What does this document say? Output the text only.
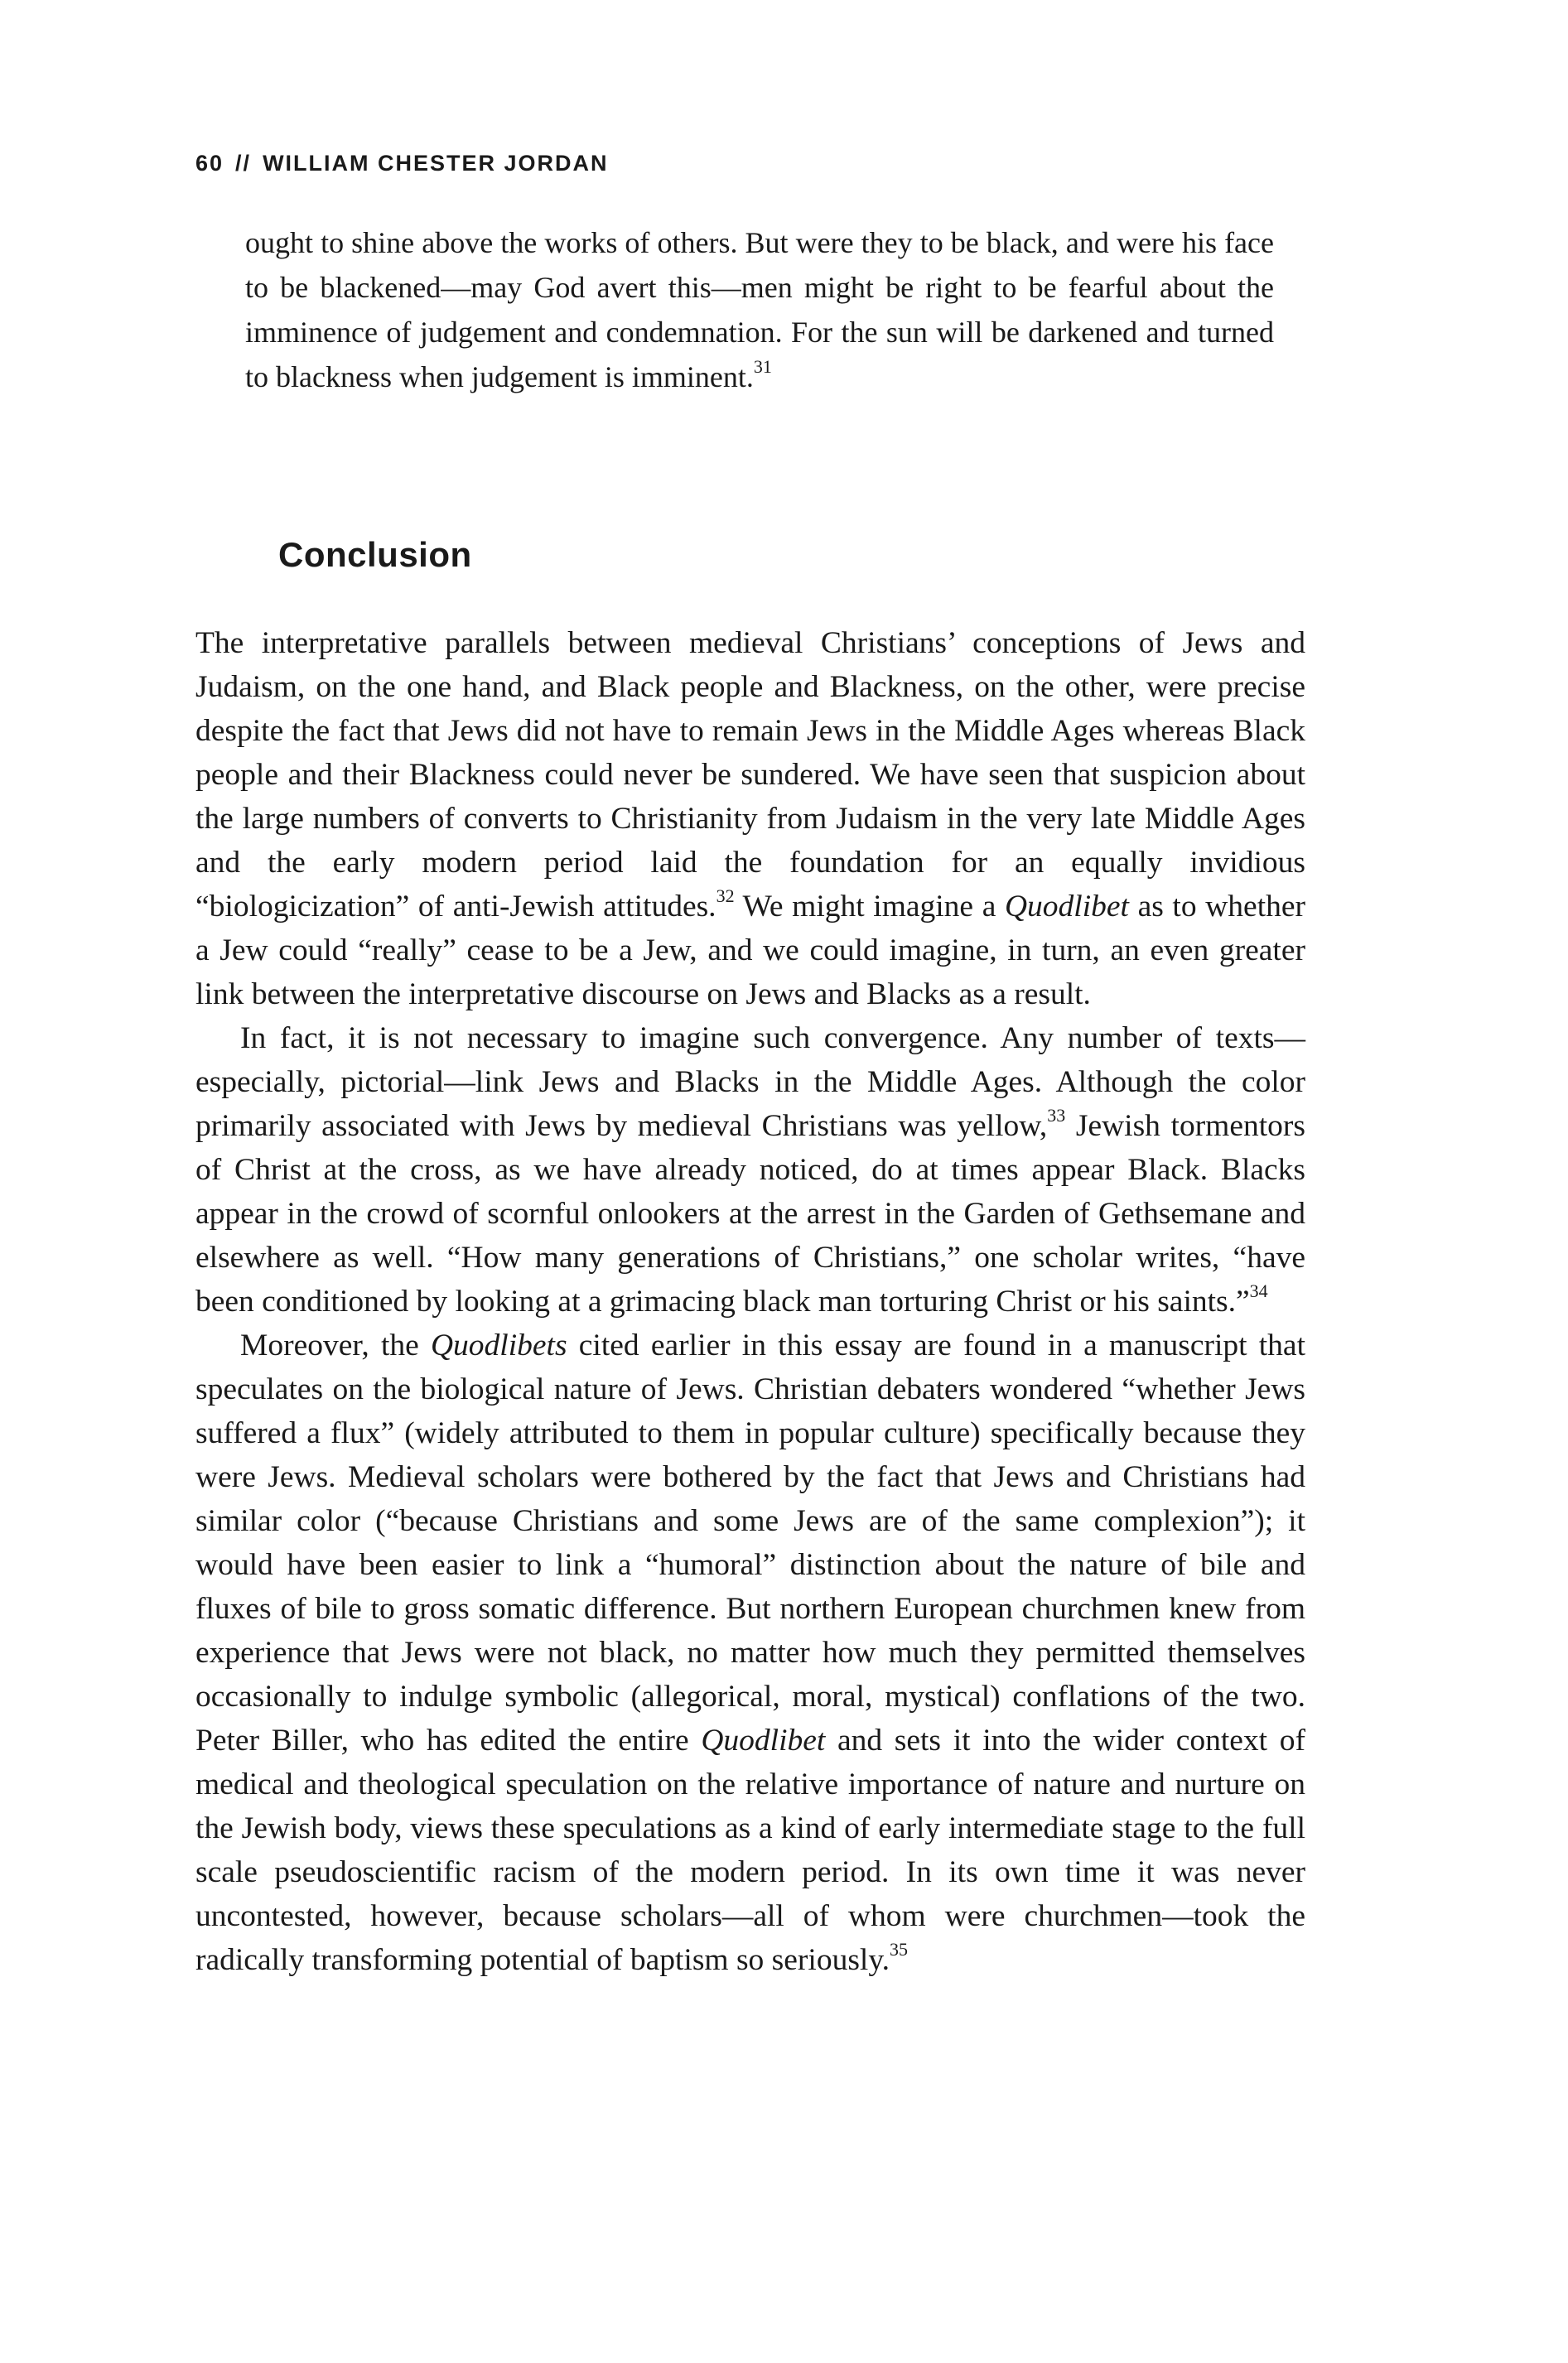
60 // WILLIAM CHESTER JORDAN
ought to shine above the works of others. But were they to be black, and were his face to be blackened—may God avert this—men might be right to be fearful about the imminence of judgement and condemnation. For the sun will be darkened and turned to blackness when judgement is imminent.$^{31}$
Conclusion

The interpretative parallels between medieval Christians’ conceptions of Jews and Judaism, on the one hand, and Black people and Blackness, on the other, were precise despite the fact that Jews did not have to remain Jews in the Middle Ages whereas Black people and their Blackness could never be sundered. We have seen that suspicion about the large numbers of converts to Christianity from Judaism in the very late Middle Ages and the early modern period laid the foundation for an equally invidious “biologicization” of anti-Jewish attitudes.$^{32}$ We might imagine a Quodlibet as to whether a Jew could “really” cease to be a Jew, and we could imagine, in turn, an even greater link between the interpretative discourse on Jews and Blacks as a result.

In fact, it is not necessary to imagine such convergence. Any number of texts—especially, pictorial—link Jews and Blacks in the Middle Ages. Although the color primarily associated with Jews by medieval Christians was yellow,$^{33}$ Jewish tormentors of Christ at the cross, as we have already noticed, do at times appear Black. Blacks appear in the crowd of scornful onlookers at the arrest in the Garden of Gethsemane and elsewhere as well. “How many generations of Christians,” one scholar writes, “have been conditioned by looking at a grimacing black man torturing Christ or his saints.”$^{34}$

Moreover, the Quodlibets cited earlier in this essay are found in a manuscript that speculates on the biological nature of Jews. Christian debaters wondered “whether Jews suffered a flux” (widely attributed to them in popular culture) specifically because they were Jews. Medieval scholars were bothered by the fact that Jews and Christians had similar color (“because Christians and some Jews are of the same complexion”); it would have been easier to link a “humoral” distinction about the nature of bile and fluxes of bile to gross somatic difference. But northern European churchmen knew from experience that Jews were not black, no matter how much they permitted themselves occasionally to indulge symbolic (allegorical, moral, mystical) conflations of the two. Peter Biller, who has edited the entire Quodlibet and sets it into the wider context of medical and theological speculation on the relative importance of nature and nurture on the Jewish body, views these speculations as a kind of early intermediate stage to the full scale pseudoscientific racism of the modern period. In its own time it was never uncontested, however, because scholars—all of whom were churchmen—took the radically transforming potential of baptism so seriously.$^{35}$
